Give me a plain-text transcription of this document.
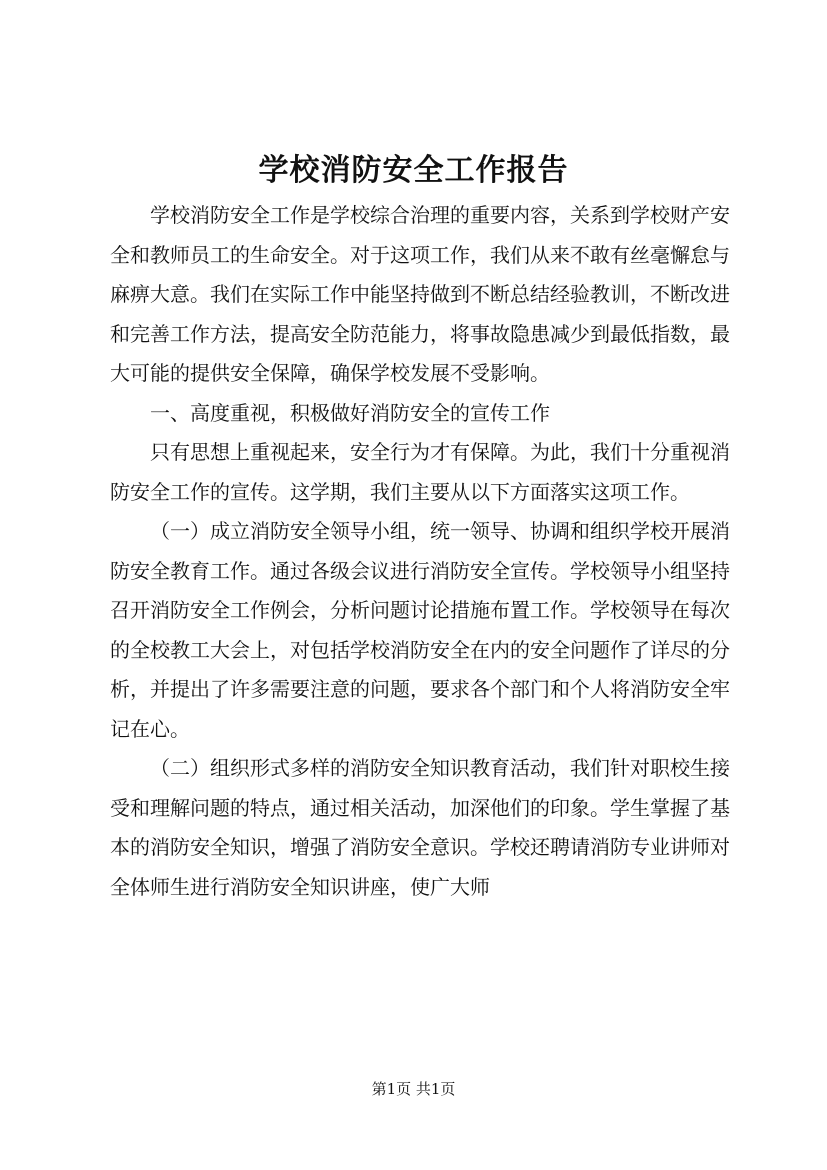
学校消防安全工作报告

学校消防安全工作是学校综合治理的重要内容，关系到学校财产安全和教师员工的生命安全。对于这项工作，我们从来不敢有丝毫懈怠与麻痹大意。我们在实际工作中能坚持做到不断总结经验教训，不断改进和完善工作方法，提高安全防范能力，将事故隐患减少到最低指数，最大可能的提供安全保障，确保学校发展不受影响。

一、高度重视，积极做好消防安全的宣传工作

只有思想上重视起来，安全行为才有保障。为此，我们十分重视消防安全工作的宣传。这学期，我们主要从以下方面落实这项工作。

（一）成立消防安全领导小组，统一领导、协调和组织学校开展消防安全教育工作。通过各级会议进行消防安全宣传。学校领导小组坚持召开消防安全工作例会，分析问题讨论措施布置工作。学校领导在每次的全校教工大会上，对包括学校消防安全在内的安全问题作了详尽的分析，并提出了许多需要注意的问题，要求各个部门和个人将消防安全牢记在心。

（二）组织形式多样的消防安全知识教育活动，我们针对职校生接受和理解问题的特点，通过相关活动，加深他们的印象。学生掌握了基本的消防安全知识，增强了消防安全意识。学校还聘请消防专业讲师对全体师生进行消防安全知识讲座，使广大师

第1页 共1页
